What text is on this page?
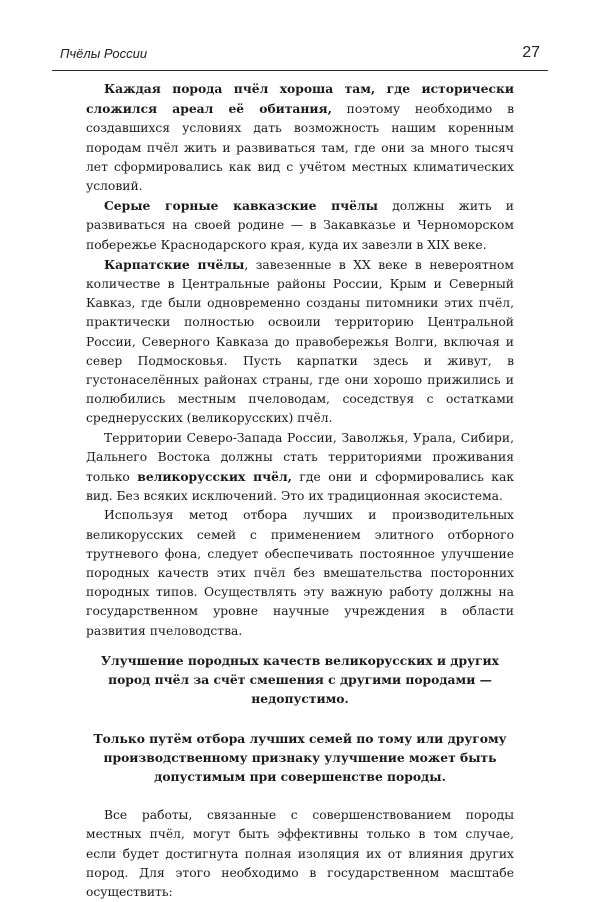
Пчёлы России	27

Каждая порода пчёл хороша там, где исторически сложился ареал её обитания, поэтому необходимо в создавшихся условиях дать возможность нашим коренным породам пчёл жить и развиваться там, где они за много тысяч лет сформировались как вид с учётом местных климатических условий.

Серые горные кавказские пчёлы должны жить и развиваться на своей родине — в Закавказье и Черноморском побережье Краснодарского края, куда их завезли в XIX веке.

Карпатские пчёлы, завезенные в XX веке в невероятном количестве в Центральные районы России, Крым и Северный Кавказ, где были одновременно созданы питомники этих пчёл, практически полностью освоили территорию Центральной России, Северного Кавказа до правобережья Волги, включая и север Подмосковья. Пусть карпатки здесь и живут, в густонаселённых районах страны, где они хорошо прижились и полюбились местным пчеловодам, соседствуя с остатками среднерусских (великорусских) пчёл.

Территории Северо-Запада России, Заволжья, Урала, Сибири, Дальнего Востока должны стать территориями проживания только великорусских пчёл, где они и сформировались как вид. Без всяких исключений. Это их традиционная экосистема.

Используя метод отбора лучших и производительных великорусских семей с применением элитного отборного трутневого фона, следует обеспечивать постоянное улучшение породных качеств этих пчёл без вмешательства посторонних породных типов. Осуществлять эту важную работу должны на государственном уровне научные учреждения в области развития пчеловодства.

Улучшение породных качеств великорусских и других пород пчёл за счёт смешения с другими породами — недопустимо.

Только путём отбора лучших семей по тому или другому производственному признаку улучшение может быть допустимым при совершенстве породы.

Все работы, связанные с совершенствованием породы местных пчёл, могут быть эффективны только в том случае, если будет достигнута полная изоляция их от влияния других пород. Для этого необходимо в государственном масштабе осуществить:
